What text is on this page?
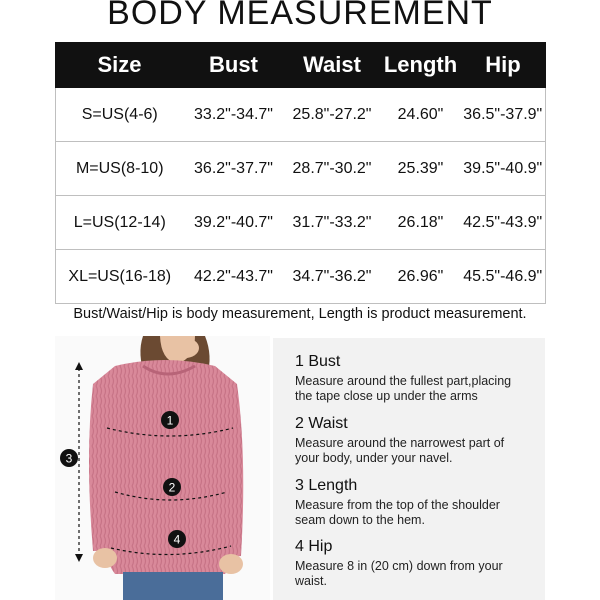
BODY MEASUREMENT
Size	Bust	Waist	Length	Hip
S=US(4-6)	33.2"-34.7"	25.8"-27.2"	24.60"	36.5"-37.9"
M=US(8-10)	36.2"-37.7"	28.7"-30.2"	25.39"	39.5"-40.9"
L=US(12-14)	39.2"-40.7"	31.7"-33.2"	26.18"	42.5"-43.9"
XL=US(16-18)	42.2"-43.7"	34.7"-36.2"	26.96"	45.5"-46.9"
Bust/Waist/Hip is body measurement, Length is product measurement.
1
2
3
4
1 Bust
Measure around the fullest part,placing
the tape close up under the arms
2 Waist
Measure around the narrowest part of
your body, under your navel.
3 Length
Measure from the top of the shoulder
seam down to the hem.
4 Hip
Measure 8 in (20 cm) down from your
waist.
